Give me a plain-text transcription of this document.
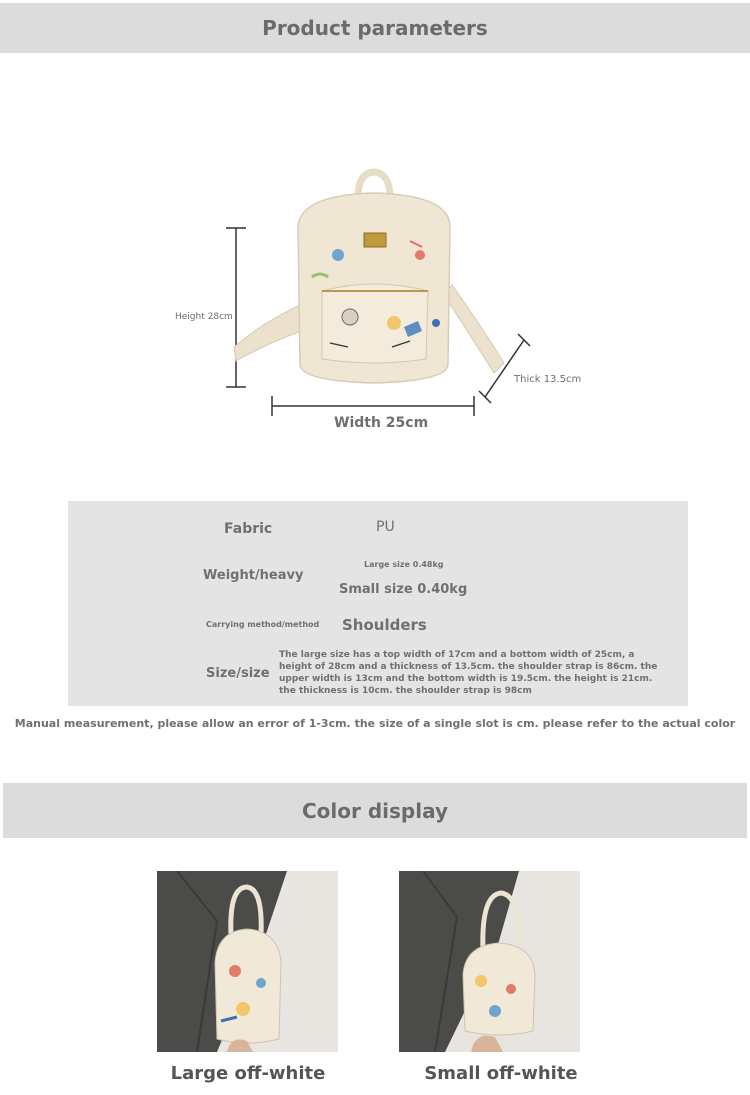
Product parameters
Height 28cm
Width 25cm
Thick 13.5cm
Fabric	PU
Large size 0.48kg
Weight/heavy
Small size 0.40kg
Carrying method/method Shoulders
Size/size
The large size has a top width of 17cm and a bottom width of 25cm, a height of 28cm and a thickness of 13.5cm. the shoulder strap is 86cm. the upper width is 13cm and the bottom width is 19.5cm. the height is 21cm. the thickness is 10cm. the shoulder strap is 98cm
Manual measurement, please allow an error of 1-3cm. the size of a single slot is cm. please refer to the actual color
Color display
Large off-white	Small off-white
